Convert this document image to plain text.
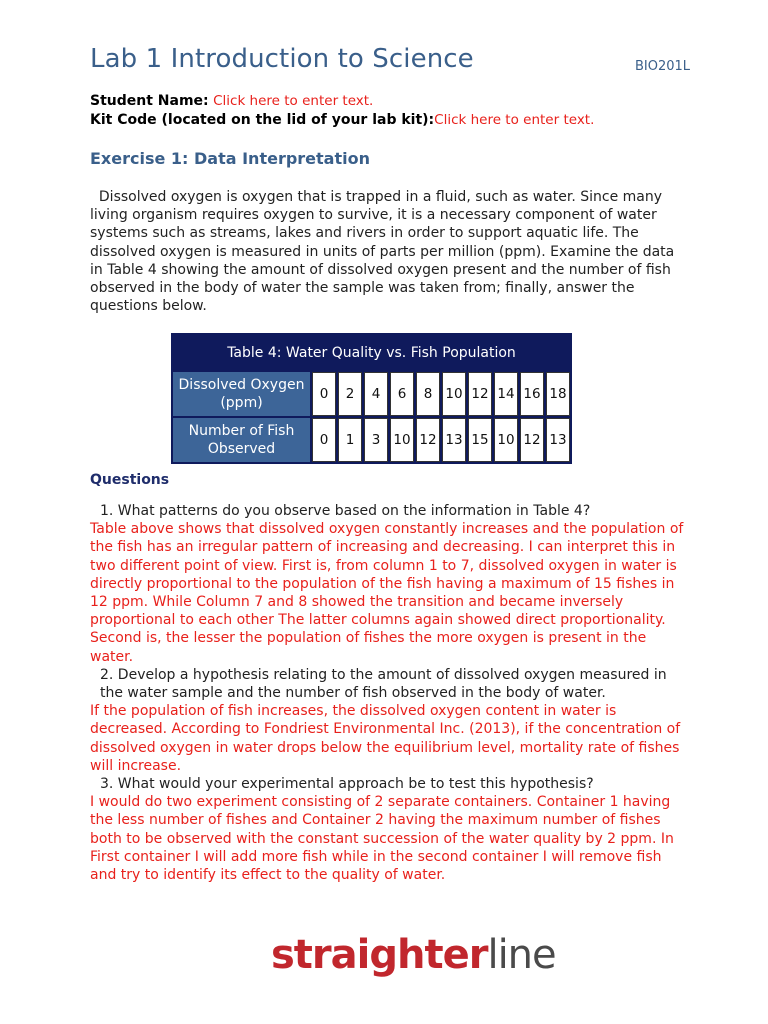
Lab 1 Introduction to Science	BIO201L
Student Name: Click here to enter text.
Kit Code (located on the lid of your lab kit):Click here to enter text.
Exercise 1: Data Interpretation
Dissolved oxygen is oxygen that is trapped in a fluid, such as water. Since many living organism requires oxygen to survive, it is a necessary component of water systems such as streams, lakes and rivers in order to support aquatic life. The dissolved oxygen is measured in units of parts per million (ppm). Examine the data in Table 4 showing the amount of dissolved oxygen present and the number of fish observed in the body of water the sample was taken from; finally, answer the questions below.
Table 4: Water Quality vs. Fish Population										
Dissolved Oxygen (ppm)	0	2	4	6	8	10	12	14	16	18
Number of Fish Observed	0	1	3	10	12	13	15	10	12	13
Questions
1. What patterns do you observe based on the information in Table 4?
Table above shows that dissolved oxygen constantly increases and the population of the fish has an irregular pattern of increasing and decreasing. I can interpret this in two different point of view. First is, from column 1 to 7, dissolved oxygen in water is directly proportional to the population of the fish having a maximum of 15 fishes in 12 ppm. While Column 7 and 8 showed the transition and became inversely proportional to each other The latter columns again showed direct proportionality. Second is, the lesser the population of fishes the more oxygen is present in the water.
2. Develop a hypothesis relating to the amount of dissolved oxygen measured in the water sample and the number of fish observed in the body of water.
If the population of fish increases, the dissolved oxygen content in water is decreased. According to Fondriest Environmental Inc. (2013), if the concentration of dissolved oxygen in water drops below the equilibrium level, mortality rate of fishes will increase.
3. What would your experimental approach be to test this hypothesis?
I would do two experiment consisting of 2 separate containers. Container 1 having the less number of fishes and Container 2 having the maximum number of fishes both to be observed with the constant succession of the water quality by 2 ppm. In First container I will add more fish while in the second container I will remove fish and try to identify its effect to the quality of water.
straighterline
